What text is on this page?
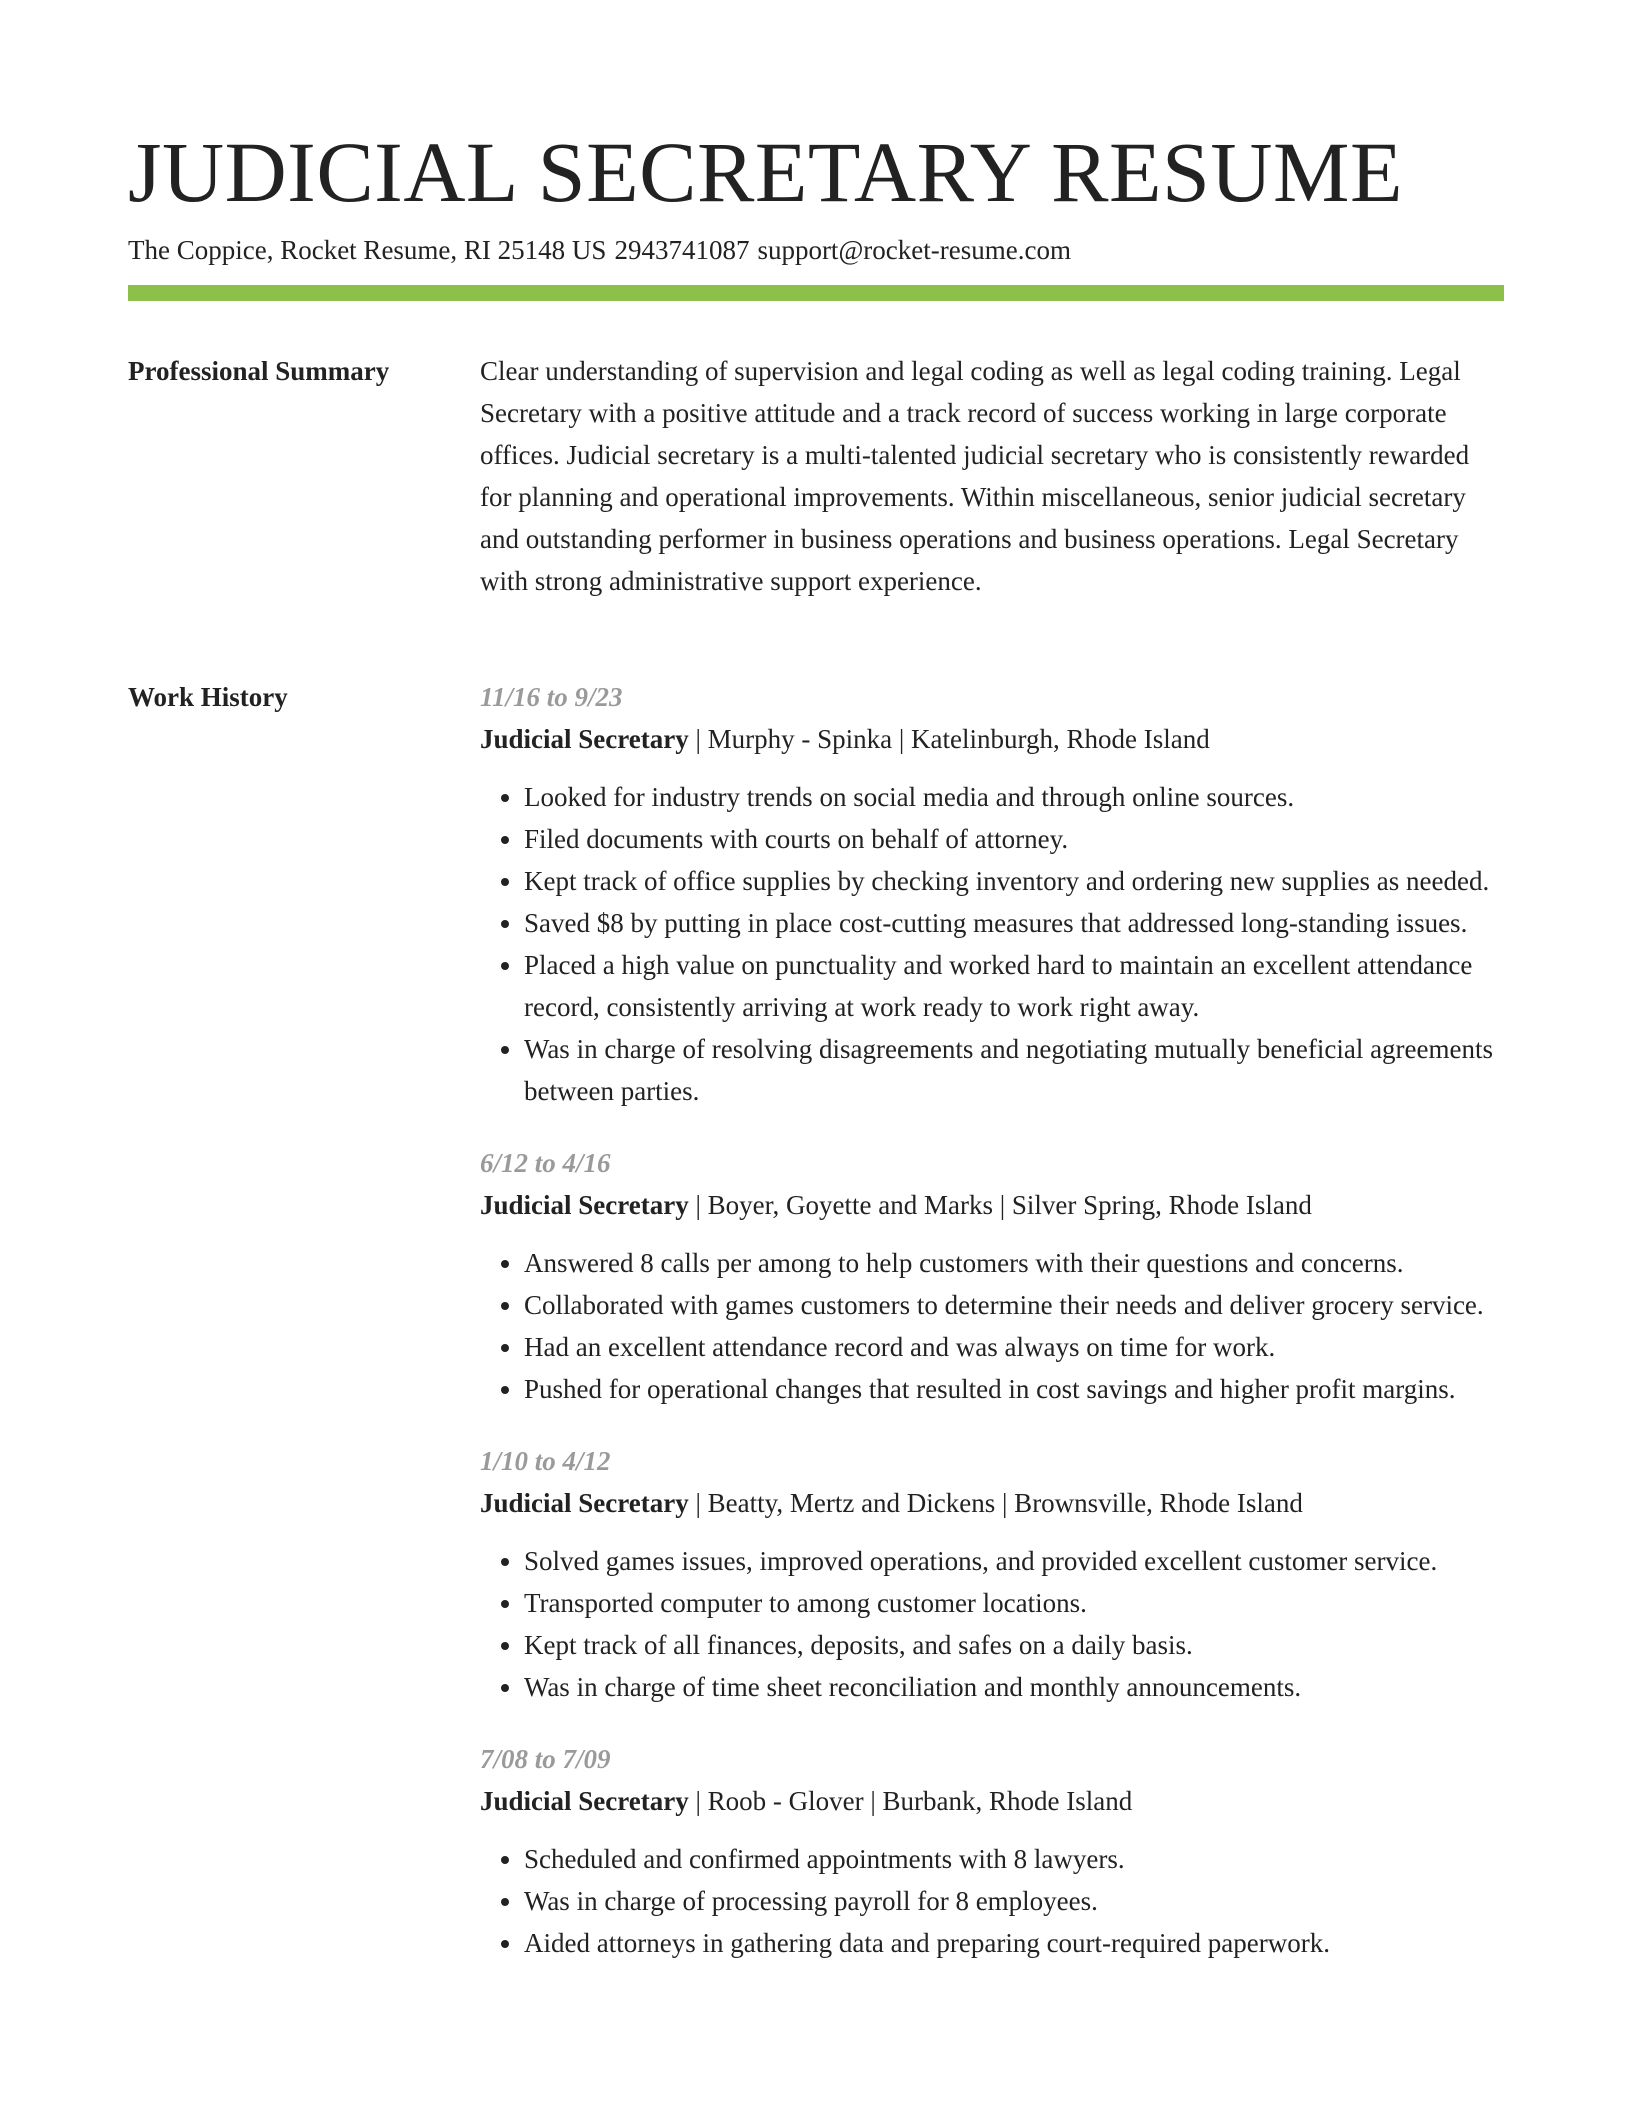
JUDICIAL SECRETARY RESUME
The Coppice, Rocket Resume, RI 25148 US 2943741087 support@rocket-resume.com
Professional Summary	Clear understanding of supervision and legal coding as well as legal coding training. Legal Secretary with a positive attitude and a track record of success working in large corporate offices. Judicial secretary is a multi-talented judicial secretary who is consistently rewarded for planning and operational improvements. Within miscellaneous, senior judicial secretary and outstanding performer in business operations and business operations. Legal Secretary with strong administrative support experience.

Work History	11/16 to 9/23
Judicial Secretary | Murphy - Spinka | Katelinburgh, Rhode Island
• Looked for industry trends on social media and through online sources.
• Filed documents with courts on behalf of attorney.
• Kept track of office supplies by checking inventory and ordering new supplies as needed.
• Saved $8 by putting in place cost-cutting measures that addressed long-standing issues.
• Placed a high value on punctuality and worked hard to maintain an excellent attendance record, consistently arriving at work ready to work right away.
• Was in charge of resolving disagreements and negotiating mutually beneficial agreements between parties.
6/12 to 4/16
Judicial Secretary | Boyer, Goyette and Marks | Silver Spring, Rhode Island
• Answered 8 calls per among to help customers with their questions and concerns.
• Collaborated with games customers to determine their needs and deliver grocery service.
• Had an excellent attendance record and was always on time for work.
• Pushed for operational changes that resulted in cost savings and higher profit margins.
1/10 to 4/12
Judicial Secretary | Beatty, Mertz and Dickens | Brownsville, Rhode Island
• Solved games issues, improved operations, and provided excellent customer service.
• Transported computer to among customer locations.
• Kept track of all finances, deposits, and safes on a daily basis.
• Was in charge of time sheet reconciliation and monthly announcements.
7/08 to 7/09
Judicial Secretary | Roob - Glover | Burbank, Rhode Island
• Scheduled and confirmed appointments with 8 lawyers.
• Was in charge of processing payroll for 8 employees.
• Aided attorneys in gathering data and preparing court-required paperwork.
